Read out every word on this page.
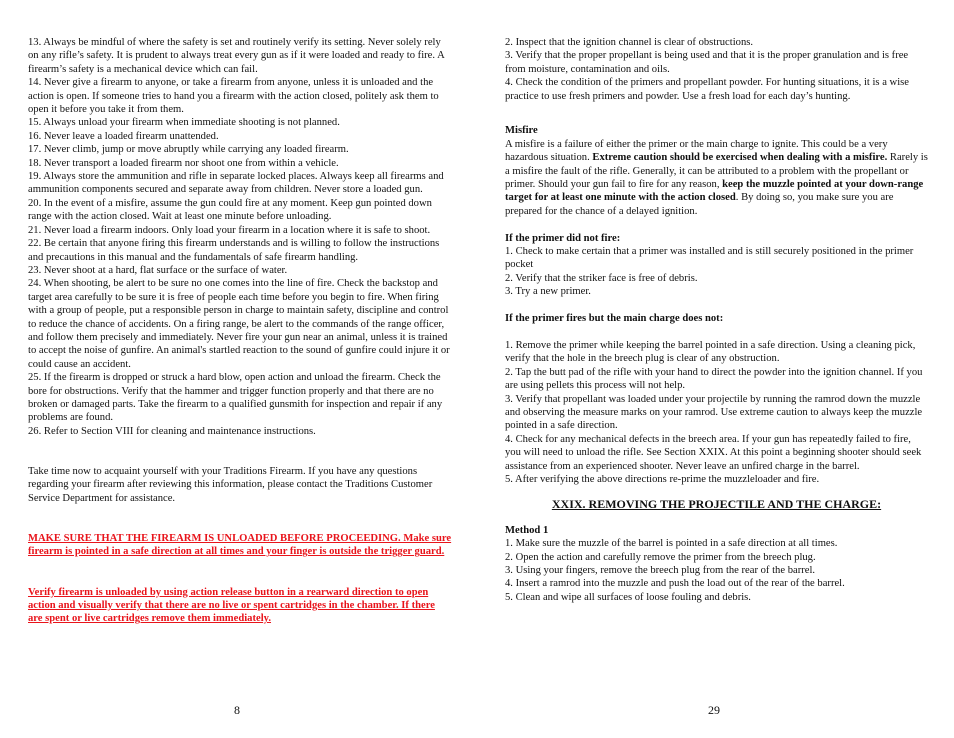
13. Always be mindful of where the safety is set and routinely verify its setting. Never solely rely on any rifle’s safety. It is prudent to always treat every gun as if it were loaded and ready to fire. A firearm’s safety is a mechanical device which can fail.

14. Never give a firearm to anyone, or take a firearm from anyone, unless it is unloaded and the action is open. If someone tries to hand you a firearm with the action closed, politely ask them to open it before you take it from them.

15. Always unload your firearm when immediate shooting is not planned.

16. Never leave a loaded firearm unattended.

17. Never climb, jump or move abruptly while carrying any loaded firearm.

18. Never transport a loaded firearm nor shoot one from within a vehicle.

19. Always store the ammunition and rifle in separate locked places. Always keep all firearms and ammunition components secured and separate away from children. Never store a loaded gun.

20. In the event of a misfire, assume the gun could fire at any moment. Keep gun pointed down range with the action closed. Wait at least one minute before unloading.

21. Never load a firearm indoors. Only load your firearm in a location where it is safe to shoot.

22. Be certain that anyone firing this firearm understands and is willing to follow the instructions and precautions in this manual and the fundamentals of safe firearm handling.

23. Never shoot at a hard, flat surface or the surface of water.

24. When shooting, be alert to be sure no one comes into the line of fire. Check the backstop and target area carefully to be sure it is free of people each time before you begin to fire. When firing with a group of people, put a responsible person in charge to maintain safety, discipline and control to reduce the chance of accidents. On a firing range, be alert to the commands of the range officer, and follow them precisely and immediately. Never fire your gun near an animal, unless it is trained to accept the noise of gunfire. An animal's startled reaction to the sound of gunfire could injure it or could cause an accident.

25. If the firearm is dropped or struck a hard blow, open action and unload the firearm. Check the bore for obstructions. Verify that the hammer and trigger function properly and that there are no broken or damaged parts. Take the firearm to a qualified gunsmith for inspection and repair if any problems are found.

26. Refer to Section VIII for cleaning and maintenance instructions.

Take time now to acquaint yourself with your Traditions Firearm. If you have any questions regarding your firearm after reviewing this information, please contact the Traditions Customer Service Department for assistance.

MAKE SURE THAT THE FIREARM IS UNLOADED BEFORE PROCEEDING. Make sure firearm is pointed in a safe direction at all times and your finger is outside the trigger guard.

Verify firearm is unloaded by using action release button in a rearward direction to open action and visually verify that there are no live or spent cartridges in the chamber. If there are spent or live cartridges remove them immediately.

2. Inspect that the ignition channel is clear of obstructions.

3. Verify that the proper propellant is being used and that it is the proper granulation and is free from moisture, contamination and oils.

4. Check the condition of the primers and propellant powder. For hunting situations, it is a wise practice to use fresh primers and powder. Use a fresh load for each day’s hunting.

Misfire

A misfire is a failure of either the primer or the main charge to ignite. This could be a very hazardous situation. Extreme caution should be exercised when dealing with a misfire. Rarely is a misfire the fault of the rifle. Generally, it can be attributed to a problem with the propellant or primer. Should your gun fail to fire for any reason, keep the muzzle pointed at your down-range target for at least one minute with the action closed. By doing so, you make sure you are prepared for the chance of a delayed ignition.

If the primer did not fire:

1. Check to make certain that a primer was installed and is still securely positioned in the primer pocket

2. Verify that the striker face is free of debris.

3. Try a new primer.

If the primer fires but the main charge does not:

1. Remove the primer while keeping the barrel pointed in a safe direction. Using a cleaning pick, verify that the hole in the breech plug is clear of any obstruction.

2. Tap the butt pad of the rifle with your hand to direct the powder into the ignition channel. If you are using pellets this process will not help.

3. Verify that propellant was loaded under your projectile by running the ramrod down the muzzle and observing the measure marks on your ramrod. Use extreme caution to always keep the muzzle pointed in a safe direction.

4. Check for any mechanical defects in the breech area. If your gun has repeatedly failed to fire, you will need to unload the rifle. See Section XXIX. At this point a beginning shooter should seek assistance from an experienced shooter. Never leave an unfired charge in the barrel.

5. After verifying the above directions re-prime the muzzleloader and fire.

XXIX. REMOVING THE PROJECTILE AND THE CHARGE:

Method 1

1. Make sure the muzzle of the barrel is pointed in a safe direction at all times.

2. Open the action and carefully remove the primer from the breech plug.

3. Using your fingers, remove the breech plug from the rear of the barrel.

4. Insert a ramrod into the muzzle and push the load out of the rear of the barrel.

5. Clean and wipe all surfaces of loose fouling and debris.

8	29
